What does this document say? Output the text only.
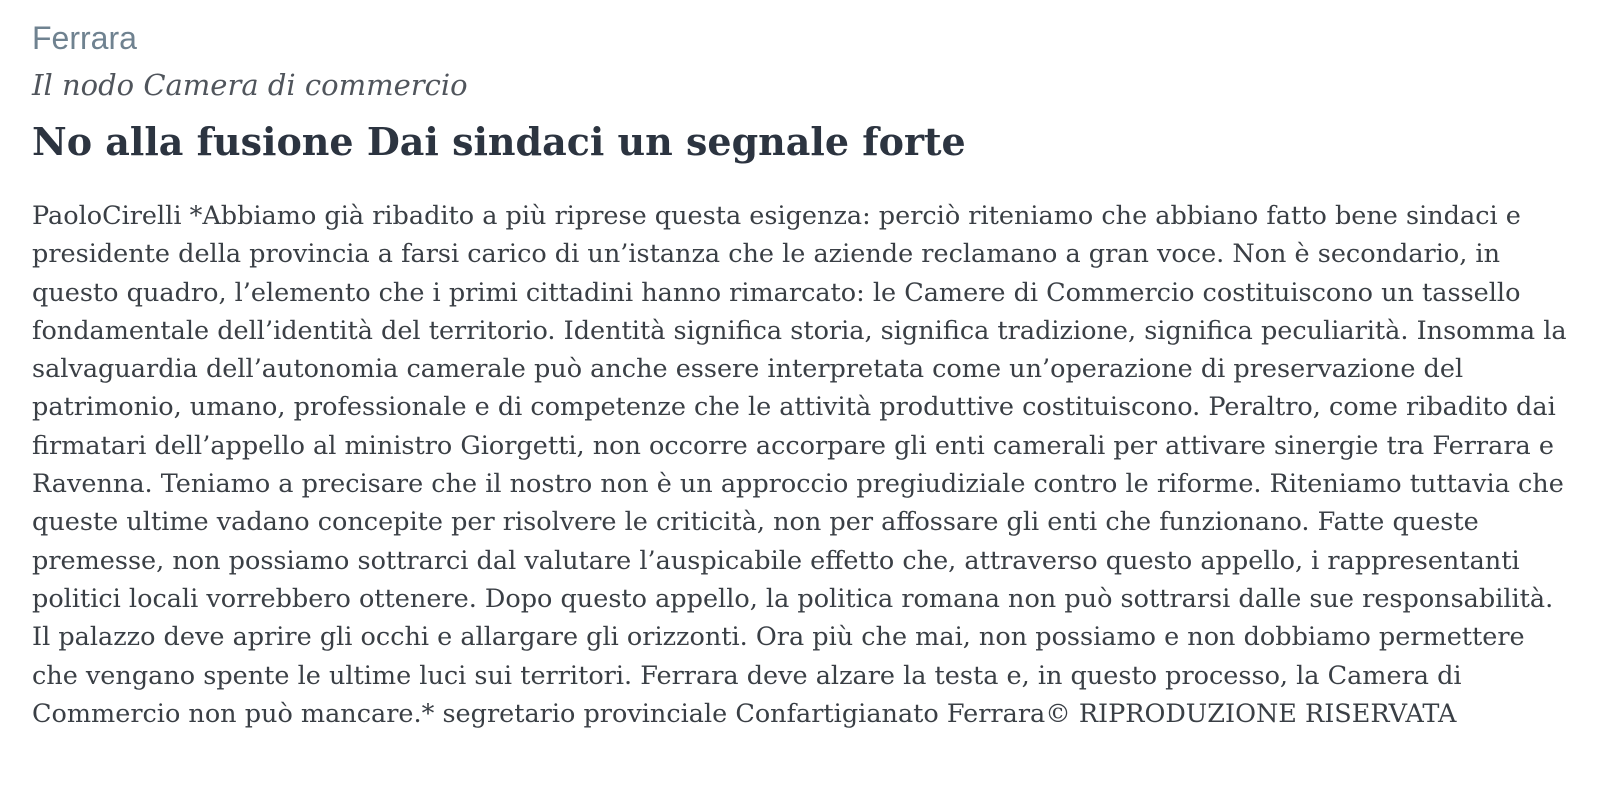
Ferrara
Il nodo Camera di commercio
No alla fusione Dai sindaci un segnale forte

PaoloCirelli *Abbiamo già ribadito a più riprese questa esigenza: perciò riteniamo che abbiano fatto bene sindaci e presidente della provincia a farsi carico di un’istanza che le aziende reclamano a gran voce. Non è secondario, in questo quadro, l’elemento che i primi cittadini hanno rimarcato: le Camere di Commercio costituiscono un tassello fondamentale dell’identità del territorio. Identità significa storia, significa tradizione, significa peculiarità. Insomma la salvaguardia dell’autonomia camerale può anche essere interpretata come un’operazione di preservazione del patrimonio, umano, professionale e di competenze che le attività produttive costituiscono. Peraltro, come ribadito dai firmatari dell’appello al ministro Giorgetti, non occorre accorpare gli enti camerali per attivare sinergie tra Ferrara e Ravenna. Teniamo a precisare che il nostro non è un approccio pregiudiziale contro le riforme. Riteniamo tuttavia che queste ultime vadano concepite per risolvere le criticità, non per affossare gli enti che funzionano. Fatte queste premesse, non possiamo sottrarci dal valutare l’auspicabile effetto che, attraverso questo appello, i rappresentanti politici locali vorrebbero ottenere. Dopo questo appello, la politica romana non può sottrarsi dalle sue responsabilità. Il palazzo deve aprire gli occhi e allargare gli orizzonti. Ora più che mai, non possiamo e non dobbiamo permettere che vengano spente le ultime luci sui territori. Ferrara deve alzare la testa e, in questo processo, la Camera di Commercio non può mancare.* segretario provinciale Confartigianato Ferrara© RIPRODUZIONE RISERVATA
